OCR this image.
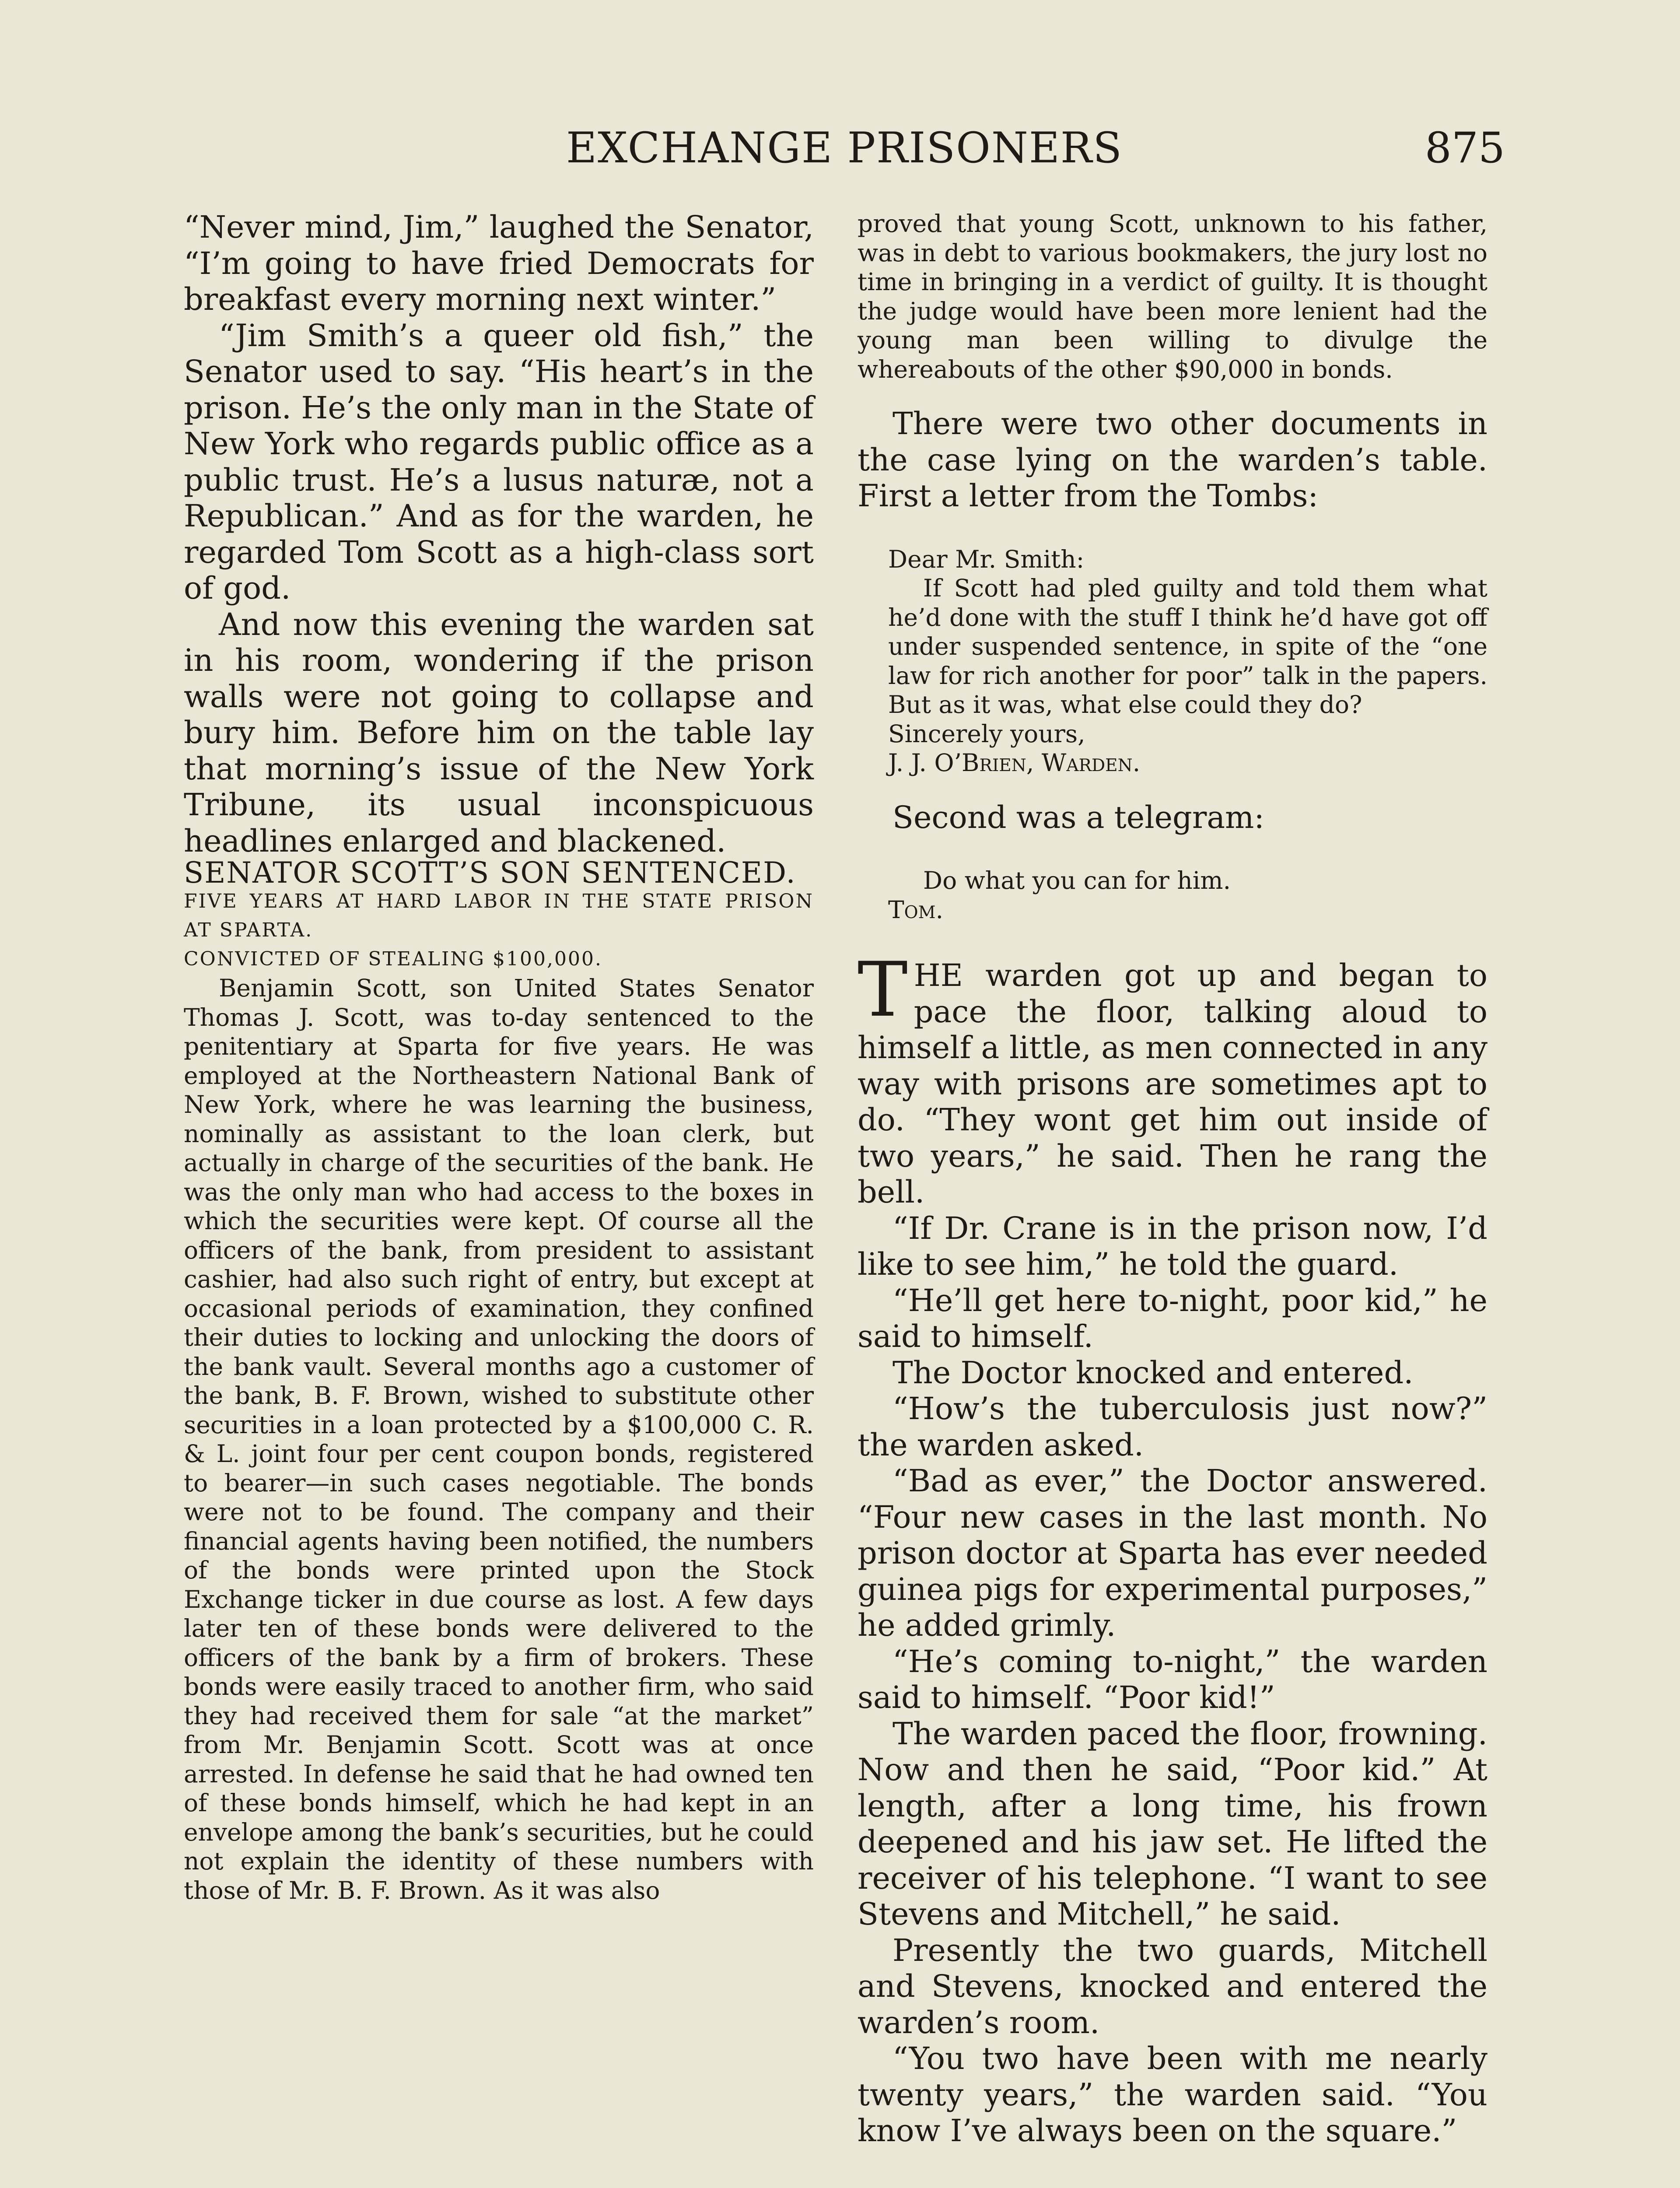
EXCHANGE PRISONERS	875

“Never mind, Jim,” laughed the Senator, “I’m going to have fried Democrats for breakfast every morning next winter.”

“Jim Smith’s a queer old fish,” the Senator used to say. “His heart’s in the prison. He’s the only man in the State of New York who regards public office as a public trust. He’s a lusus naturæ, not a Republican.” And as for the warden, he regarded Tom Scott as a high-class sort of god.

And now this evening the warden sat in his room, wondering if the prison walls were not going to collapse and bury him. Before him on the table lay that morning’s issue of the New York Tribune, its usual inconspicuous headlines enlarged and blackened.

SENATOR SCOTT’S SON SENTENCED.

FIVE YEARS AT HARD LABOR IN THE STATE PRISON AT SPARTA.

CONVICTED OF STEALING $100,000.

Benjamin Scott, son United States Senator Thomas J. Scott, was to-day sentenced to the penitentiary at Sparta for five years. He was employed at the Northeastern National Bank of New York, where he was learning the business, nominally as assistant to the loan clerk, but actually in charge of the securities of the bank. He was the only man who had access to the boxes in which the securities were kept. Of course all the officers of the bank, from president to assistant cashier, had also such right of entry, but except at occasional periods of examination, they confined their duties to locking and unlocking the doors of the bank vault. Several months ago a customer of the bank, B. F. Brown, wished to substitute other securities in a loan protected by a $100,000 C. R. & L. joint four per cent coupon bonds, registered to bearer—in such cases negotiable. The bonds were not to be found. The company and their financial agents having been notified, the numbers of the bonds were printed upon the Stock Exchange ticker in due course as lost. A few days later ten of these bonds were delivered to the officers of the bank by a firm of brokers. These bonds were easily traced to another firm, who said they had received them for sale “at the market” from Mr. Benjamin Scott. Scott was at once arrested. In defense he said that he had owned ten of these bonds himself, which he had kept in an envelope among the bank’s securities, but he could not explain the identity of these numbers with those of Mr. B. F. Brown. As it was also

proved that young Scott, unknown to his father, was in debt to various bookmakers, the jury lost no time in bringing in a verdict of guilty. It is thought the judge would have been more lenient had the young man been willing to divulge the whereabouts of the other $90,000 in bonds.

There were two other documents in the case lying on the warden’s table. First a letter from the Tombs:

Dear Mr. Smith:

If Scott had pled guilty and told them what he’d done with the stuff I think he’d have got off under suspended sentence, in spite of the “one law for rich another for poor” talk in the papers. But as it was, what else could they do?

Sincerely yours,

J. J. O’Brien, Warden.

Second was a telegram:

Do what you can for him.

Tom.

THE warden got up and began to pace the floor, talking aloud to himself a little, as men connected in any way with prisons are sometimes apt to do. “They wont get him out inside of two years,” he said. Then he rang the bell.

“If Dr. Crane is in the prison now, I’d like to see him,” he told the guard.

“He’ll get here to-night, poor kid,” he said to himself.

The Doctor knocked and entered.

“How’s the tuberculosis just now?” the warden asked.

“Bad as ever,” the Doctor answered. “Four new cases in the last month. No prison doctor at Sparta has ever needed guinea pigs for experimental purposes,” he added grimly.

“He’s coming to-night,” the warden said to himself. “Poor kid!”

The warden paced the floor, frowning. Now and then he said, “Poor kid.” At length, after a long time, his frown deepened and his jaw set. He lifted the receiver of his telephone. “I want to see Stevens and Mitchell,” he said.

Presently the two guards, Mitchell and Stevens, knocked and entered the warden’s room.

“You two have been with me nearly twenty years,” the warden said. “You know I’ve always been on the square.”
